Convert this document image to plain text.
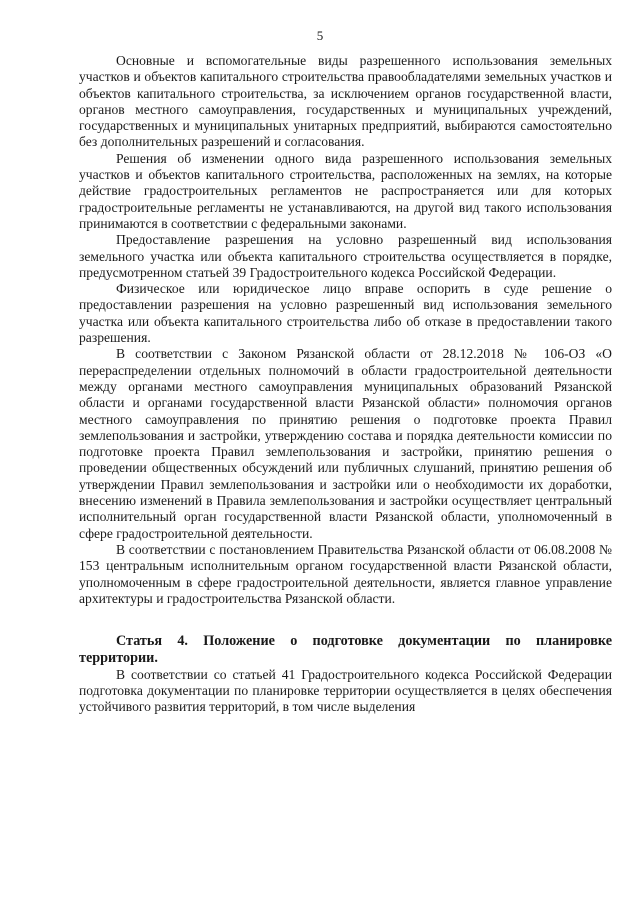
5

Основные и вспомогательные виды разрешенного использования земельных участков и объектов капитального строительства правообладателями земельных участков и объектов капитального строительства, за исключением органов государственной власти, органов местного самоуправления, государственных и муниципальных учреждений, государственных и муниципальных унитарных предприятий, выбираются самостоятельно без дополнительных разрешений и согласования.

Решения об изменении одного вида разрешенного использования земельных участков и объектов капитального строительства, расположенных на землях, на которые действие градостроительных регламентов не распространяется или для которых градостроительные регламенты не устанавливаются, на другой вид такого использования принимаются в соответствии с федеральными законами.

Предоставление разрешения на условно разрешенный вид использования земельного участка или объекта капитального строительства осуществляется в порядке, предусмотренном статьей 39 Градостроительного кодекса Российской Федерации.

Физическое или юридическое лицо вправе оспорить в суде решение о предоставлении разрешения на условно разрешенный вид использования земельного участка или объекта капитального строительства либо об отказе в предоставлении такого разрешения.

В соответствии с Законом Рязанской области от 28.12.2018 № 106-ОЗ «О перераспределении отдельных полномочий в области градостроительной деятельности между органами местного самоуправления муниципальных образований Рязанской области и органами государственной власти Рязанской области» полномочия органов местного самоуправления по принятию решения о подготовке проекта Правил землепользования и застройки, утверждению состава и порядка деятельности комиссии по подготовке проекта Правил землепользования и застройки, принятию решения о проведении общественных обсуждений или публичных слушаний, принятию решения об утверждении Правил землепользования и застройки или о необходимости их доработки, внесению изменений в Правила землепользования и застройки осуществляет центральный исполнительный орган государственной власти Рязанской области, уполномоченный в сфере градостроительной деятельности.

В соответствии с постановлением Правительства Рязанской области от 06.08.2008 № 153 центральным исполнительным органом государственной власти Рязанской области, уполномоченным в сфере градостроительной деятельности, является главное управление архитектуры и градостроительства Рязанской области.

Статья 4. Положение о подготовке документации по планировке территории.

В соответствии со статьей 41 Градостроительного кодекса Российской Федерации подготовка документации по планировке территории осуществляется в целях обеспечения устойчивого развития территорий, в том числе выделения
